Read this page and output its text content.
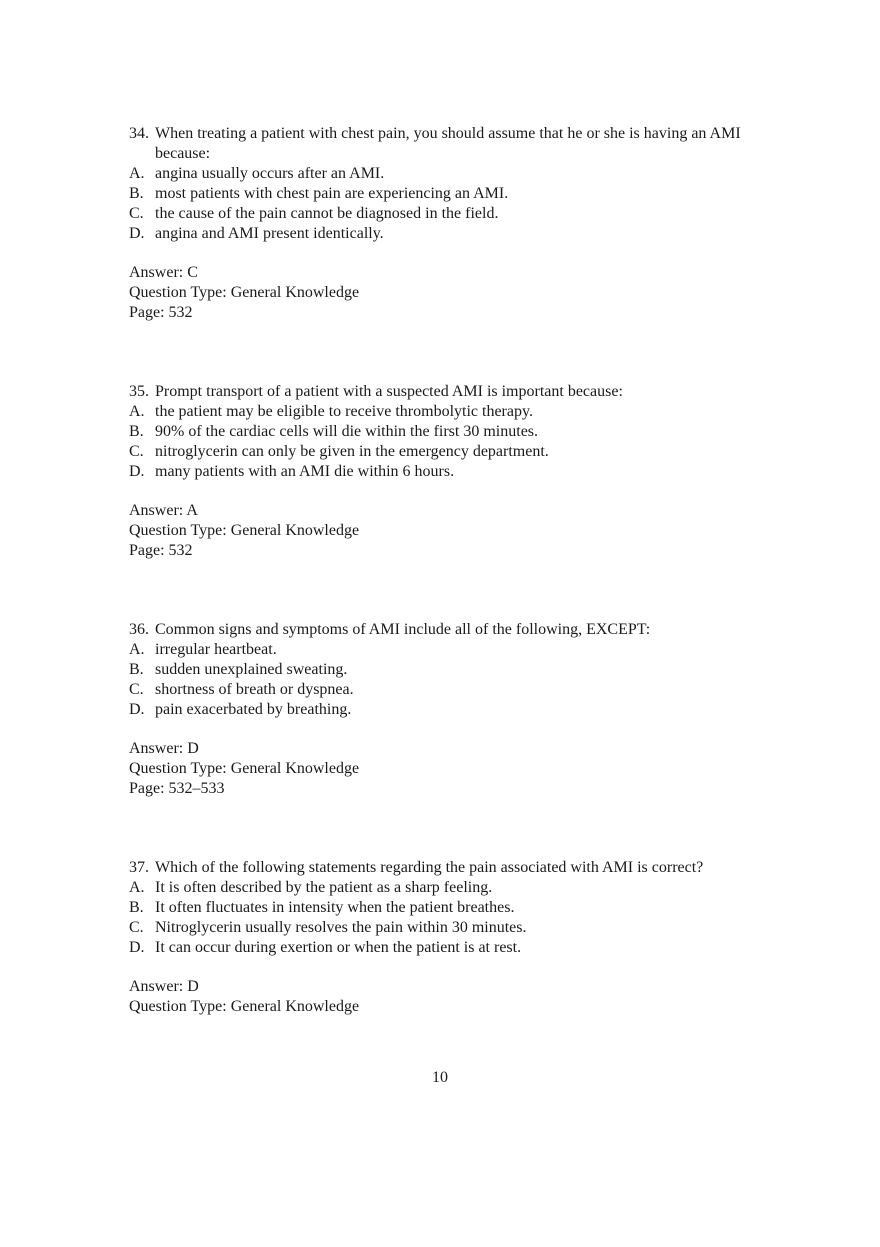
34. When treating a patient with chest pain, you should assume that he or she is having an AMI because:
A. angina usually occurs after an AMI.
B. most patients with chest pain are experiencing an AMI.
C. the cause of the pain cannot be diagnosed in the field.
D. angina and AMI present identically.
Answer: C
Question Type: General Knowledge
Page: 532
35. Prompt transport of a patient with a suspected AMI is important because:
A. the patient may be eligible to receive thrombolytic therapy.
B. 90% of the cardiac cells will die within the first 30 minutes.
C. nitroglycerin can only be given in the emergency department.
D. many patients with an AMI die within 6 hours.
Answer: A
Question Type: General Knowledge
Page: 532
36. Common signs and symptoms of AMI include all of the following, EXCEPT:
A. irregular heartbeat.
B. sudden unexplained sweating.
C. shortness of breath or dyspnea.
D. pain exacerbated by breathing.
Answer: D
Question Type: General Knowledge
Page: 532–533
37. Which of the following statements regarding the pain associated with AMI is correct?
A. It is often described by the patient as a sharp feeling.
B. It often fluctuates in intensity when the patient breathes.
C. Nitroglycerin usually resolves the pain within 30 minutes.
D. It can occur during exertion or when the patient is at rest.
Answer: D
Question Type: General Knowledge
10
